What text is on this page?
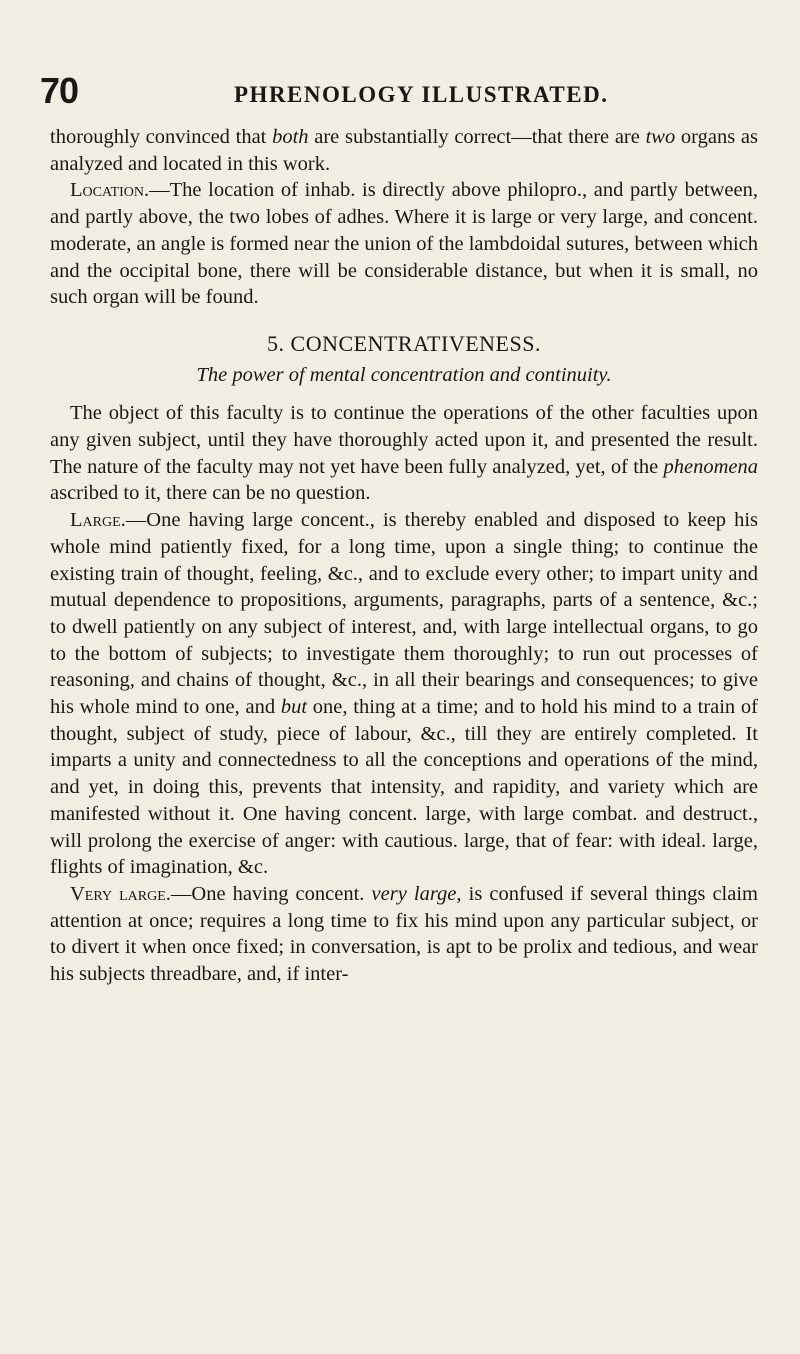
70	PHRENOLOGY ILLUSTRATED.

thoroughly convinced that both are substantially correct—that there are two organs as analyzed and located in this work.

Location.—The location of inhab. is directly above philopro., and partly between, and partly above, the two lobes of adhes. Where it is large or very large, and concent. moderate, an angle is formed near the union of the lambdoidal sutures, between which and the occipital bone, there will be considerable distance, but when it is small, no such organ will be found.

5. CONCENTRATIVENESS.

The power of mental concentration and continuity.

The object of this faculty is to continue the operations of the other faculties upon any given subject, until they have thoroughly acted upon it, and presented the result. The nature of the faculty may not yet have been fully analyzed, yet, of the phenomena ascribed to it, there can be no question.

Large.—One having large concent., is thereby enabled and disposed to keep his whole mind patiently fixed, for a long time, upon a single thing; to continue the existing train of thought, feeling, &c., and to exclude every other; to impart unity and mutual dependence to propositions, arguments, paragraphs, parts of a sentence, &c.; to dwell patiently on any subject of interest, and, with large intellectual organs, to go to the bottom of subjects; to investigate them thoroughly; to run out processes of reasoning, and chains of thought, &c., in all their bearings and consequences; to give his whole mind to one, and but one, thing at a time; and to hold his mind to a train of thought, subject of study, piece of labour, &c., till they are entirely completed. It imparts a unity and connectedness to all the conceptions and operations of the mind, and yet, in doing this, prevents that intensity, and rapidity, and variety which are manifested without it. One having concent. large, with large combat. and destruct., will prolong the exercise of anger: with cautious. large, that of fear: with ideal. large, flights of imagination, &c.

Very large.—One having concent. very large, is confused if several things claim attention at once; requires a long time to fix his mind upon any particular subject, or to divert it when once fixed; in conversation, is apt to be prolix and tedious, and wear his subjects threadbare, and, if inter-
